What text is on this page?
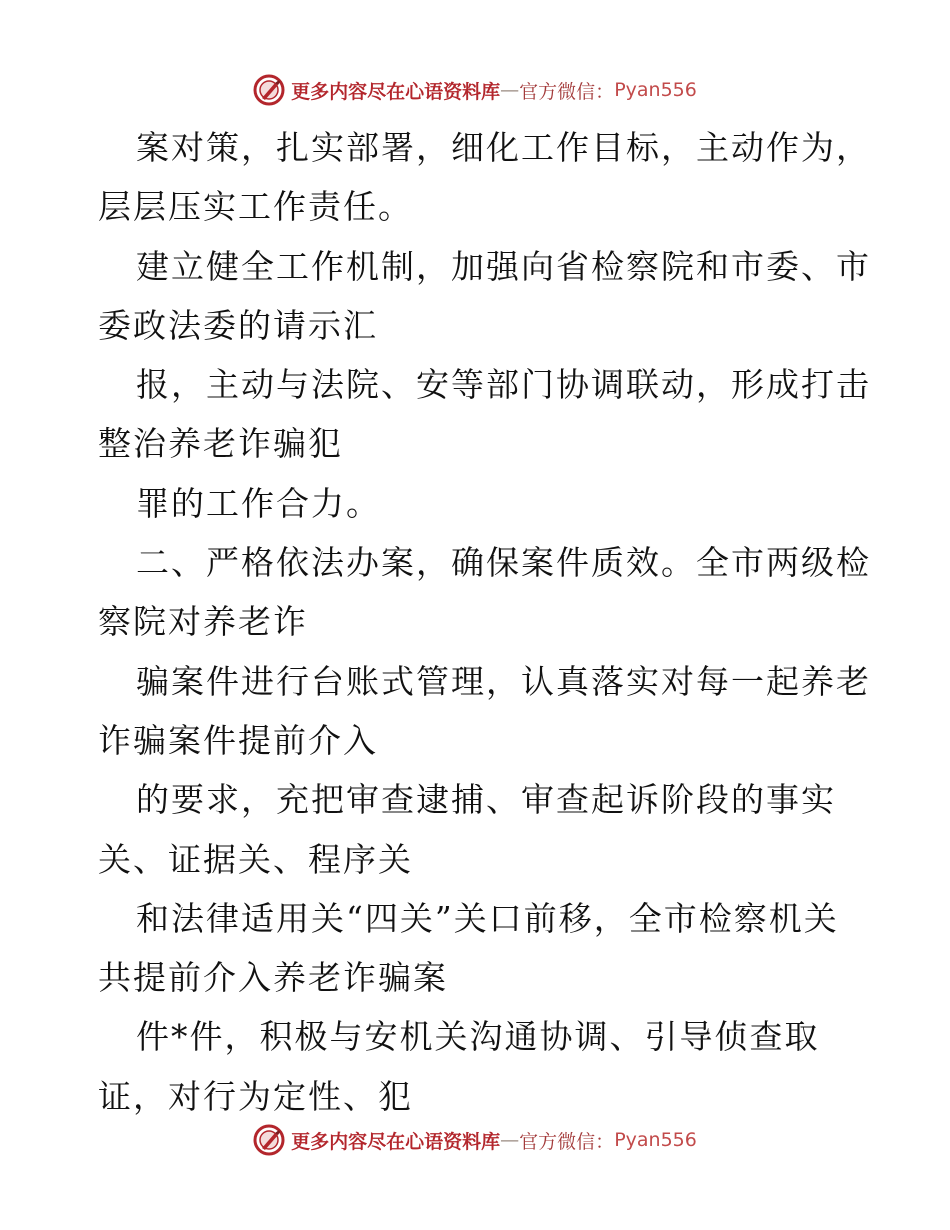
更多内容尽在心语资料库 — 官方微信： Pyan556
案对策，扎实部署，细化工作目标，主动作为，
层层压实工作责任。
建立健全工作机制，加强向省检察院和市委、市
委政法委的请示汇
报，主动与法院、安等部门协调联动，形成打击
整治养老诈骗犯
罪的工作合力。
二、严格依法办案，确保案件质效。全市两级检
察院对养老诈
骗案件进行台账式管理，认真落实对每一起养老
诈骗案件提前介入
的要求，充把审查逮捕、审查起诉阶段的事实
关、证据关、程序关
和法律适用关“四关”关口前移，全市检察机关
共提前介入养老诈骗案
件*件，积极与安机关沟通协调、引导侦查取
证，对行为定性、犯
更多内容尽在心语资料库 — 官方微信： Pyan556
